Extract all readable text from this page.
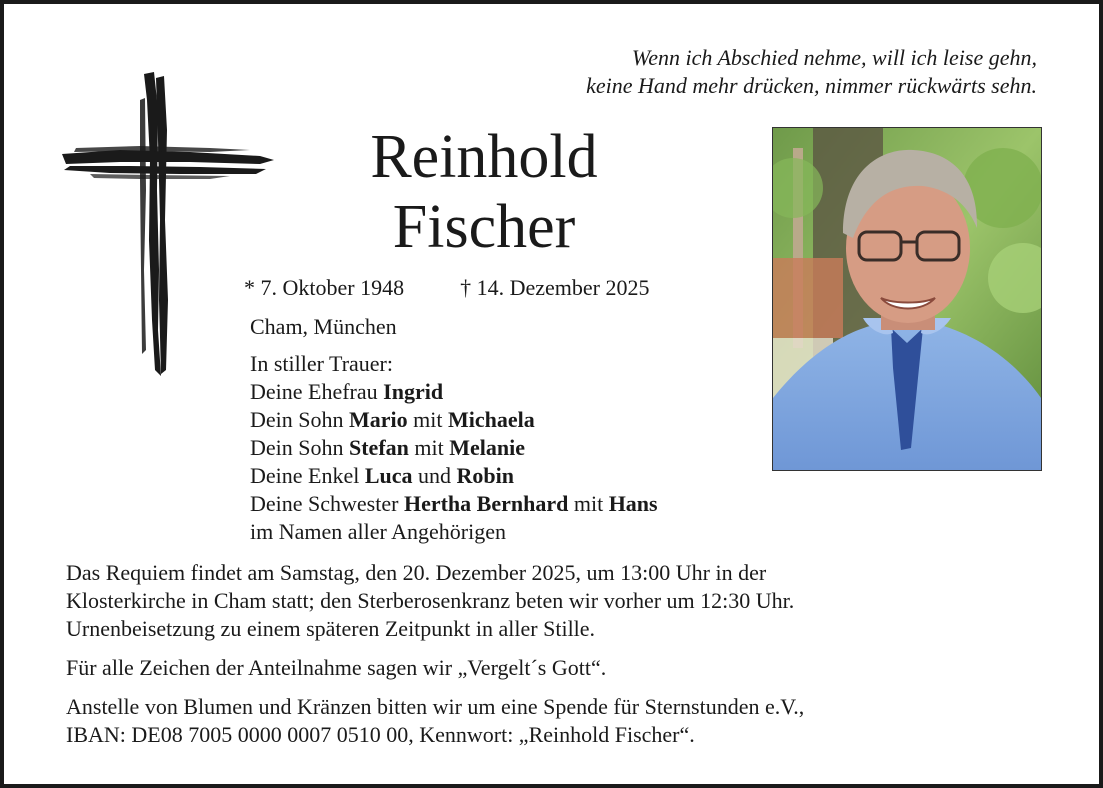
Wenn ich Abschied nehme, will ich leise gehn,
keine Hand mehr drücken, nimmer rückwärts sehn.
Reinhold
Fischer
* 7. Oktober 1948	† 14. Dezember 2025
Cham, München
In stiller Trauer:
Deine Ehefrau Ingrid
Dein Sohn Mario mit Michaela
Dein Sohn Stefan mit Melanie
Deine Enkel Luca und Robin
Deine Schwester Hertha Bernhard mit Hans
im Namen aller Angehörigen

Das Requiem findet am Samstag, den 20. Dezember 2025, um 13:00 Uhr in der
Klosterkirche in Cham statt; den Sterberosenkranz beten wir vorher um 12:30 Uhr.
Urnenbeisetzung zu einem späteren Zeitpunkt in aller Stille.

Für alle Zeichen der Anteilnahme sagen wir „Vergelt´s Gott“.

Anstelle von Blumen und Kränzen bitten wir um eine Spende für Sternstunden e.V.,
IBAN: DE08 7005 0000 0007 0510 00, Kennwort: „Reinhold Fischer“.
